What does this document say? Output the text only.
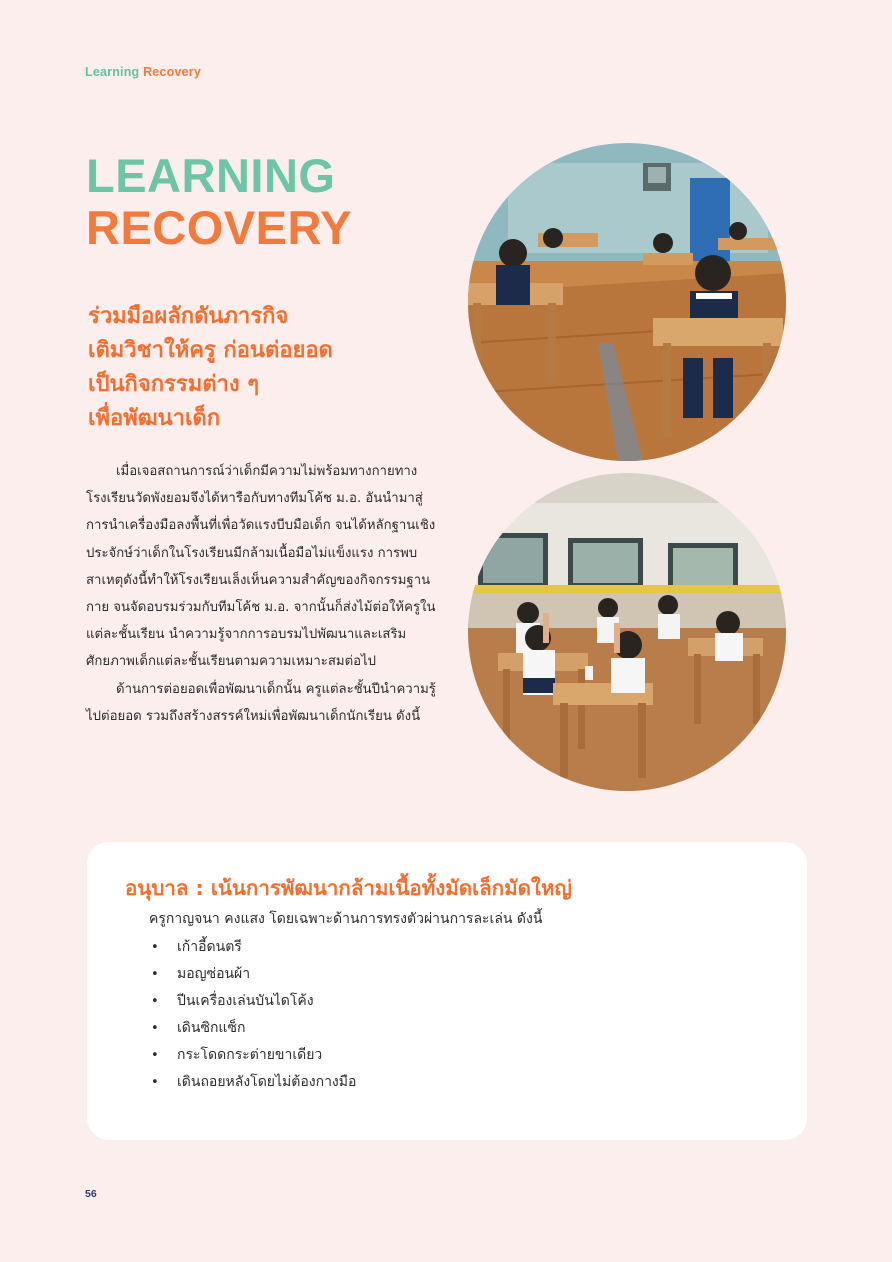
Learning Recovery
LEARNING
RECOVERY
ร่วมมือผลักดันภารกิจ
เติมวิชาให้ครู ก่อนต่อยอด
เป็นกิจกรรมต่าง ๆ
เพื่อพัฒนาเด็ก

เมื่อเจอสถานการณ์ว่าเด็กมีความไม่พร้อมทางกายทางโรงเรียนวัดพังยอมจึงได้หารือกับทางทีมโค้ช ม.อ. อันนำมาสู่การนำเครื่องมือลงพื้นที่เพื่อวัดแรงบีบมือเด็ก จนได้หลักฐานเชิงประจักษ์ว่าเด็กในโรงเรียนมีกล้ามเนื้อมือไม่แข็งแรง การพบสาเหตุดังนี้ทำให้โรงเรียนเล็งเห็นความสำคัญของกิจกรรมฐานกาย จนจัดอบรมร่วมกับทีมโค้ช ม.อ. จากนั้นก็ส่งไม้ต่อให้ครูในแต่ละชั้นเรียน นำความรู้จากการอบรมไปพัฒนาและเสริมศักยภาพเด็กแต่ละชั้นเรียนตามความเหมาะสมต่อไป

ด้านการต่อยอดเพื่อพัฒนาเด็กนั้น ครูแต่ละชั้นปีนำความรู้ไปต่อยอด รวมถึงสร้างสรรค์ใหม่เพื่อพัฒนาเด็กนักเรียน ดังนี้

อนุบาล : เน้นการพัฒนากล้ามเนื้อทั้งมัดเล็กมัดใหญ่
ครูกาญจนา คงแสง โดยเฉพาะด้านการทรงตัวผ่านการละเล่น ดังนี้
• เก้าอี้ดนตรี
• มอญซ่อนผ้า
• ปีนเครื่องเล่นบันไดโค้ง
• เดินซิกแซ็ก
• กระโดดกระต่ายขาเดียว
• เดินถอยหลังโดยไม่ต้องกางมือ
56
